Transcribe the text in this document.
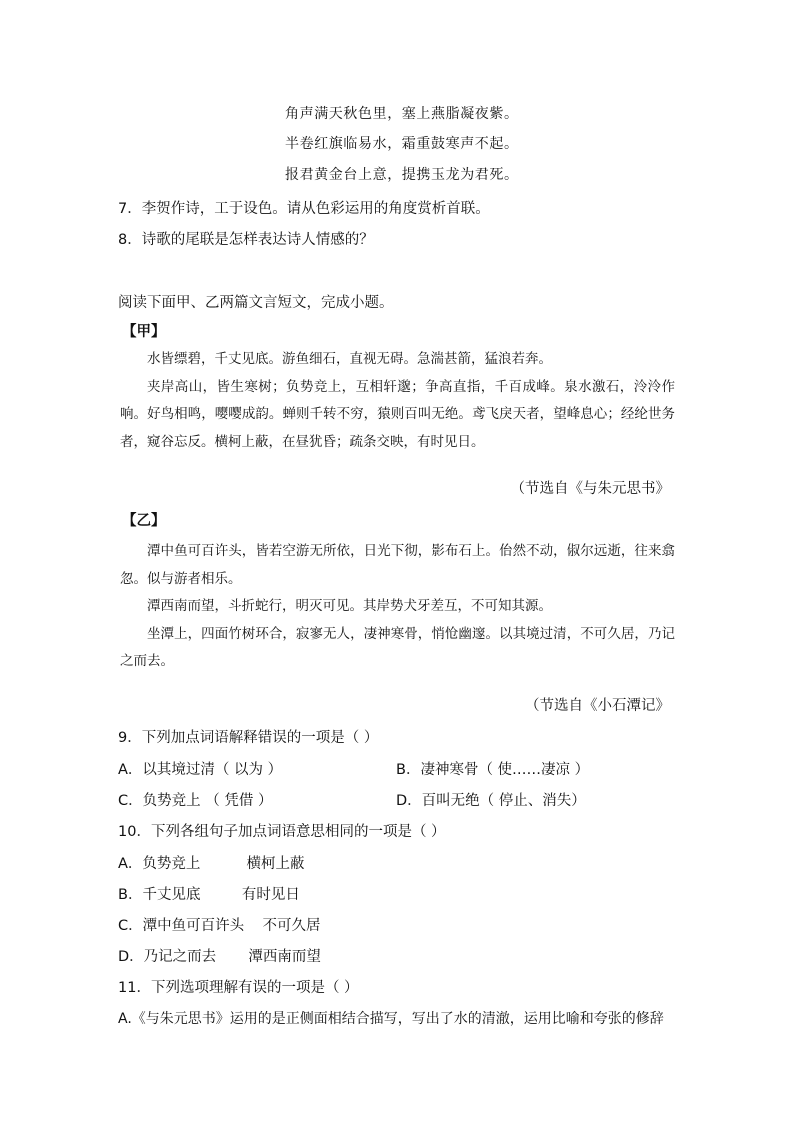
角声满天秋色里，塞上燕脂凝夜紫。
半卷红旗临易水，霜重鼓寒声不起。
报君黄金台上意，提携玉龙为君死。
7．李贺作诗，工于设色。请从色彩运用的角度赏析首联。
8．诗歌的尾联是怎样表达诗人情感的？
阅读下面甲、乙两篇文言短文，完成小题。
【甲】

水皆缥碧，千丈见底。游鱼细石，直视无碍。急湍甚箭，猛浪若奔。

夹岸高山，皆生寒树；负势竞上，互相轩邈；争高直指，千百成峰。泉水激石，泠泠作响。好鸟相鸣，嘤嘤成韵。蝉则千转不穷，猿则百叫无绝。鸢飞戾天者，望峰息心；经纶世务者，窥谷忘反。横柯上蔽，在昼犹昏；疏条交映，有时见日。

（节选自《与朱元思书》
【乙】

潭中鱼可百许头，皆若空游无所依，日光下彻，影布石上。佁然不动，俶尔远逝，往来翕忽。似与游者相乐。

潭西南而望，斗折蛇行，明灭可见。其岸势犬牙差互，不可知其源。

坐潭上，四面竹树环合，寂寥无人，凄神寒骨，悄怆幽邃。以其境过清，不可久居，乃记之而去。

（节选自《小石潭记》
9．下列加点词语解释错误的一项是（ ）
A．以其境过清（ 以为 ）	B．凄神寒骨（ 使……凄凉 ）
C．负势竞上 （ 凭借 ）	D．百叫无绝（ 停止、消失）
10．下列各组句子加点词语意思相同的一项是（ ）
A．负势竞上          横柯上蔽
B．千丈见底         有时见日
C．潭中鱼可百许头    不可久居
D．乃记之而去       潭西南而望
11．下列选项理解有误的一项是（ ）
A.《与朱元思书》运用的是正侧面相结合描写，写出了水的清澈，运用比喻和夸张的修辞
